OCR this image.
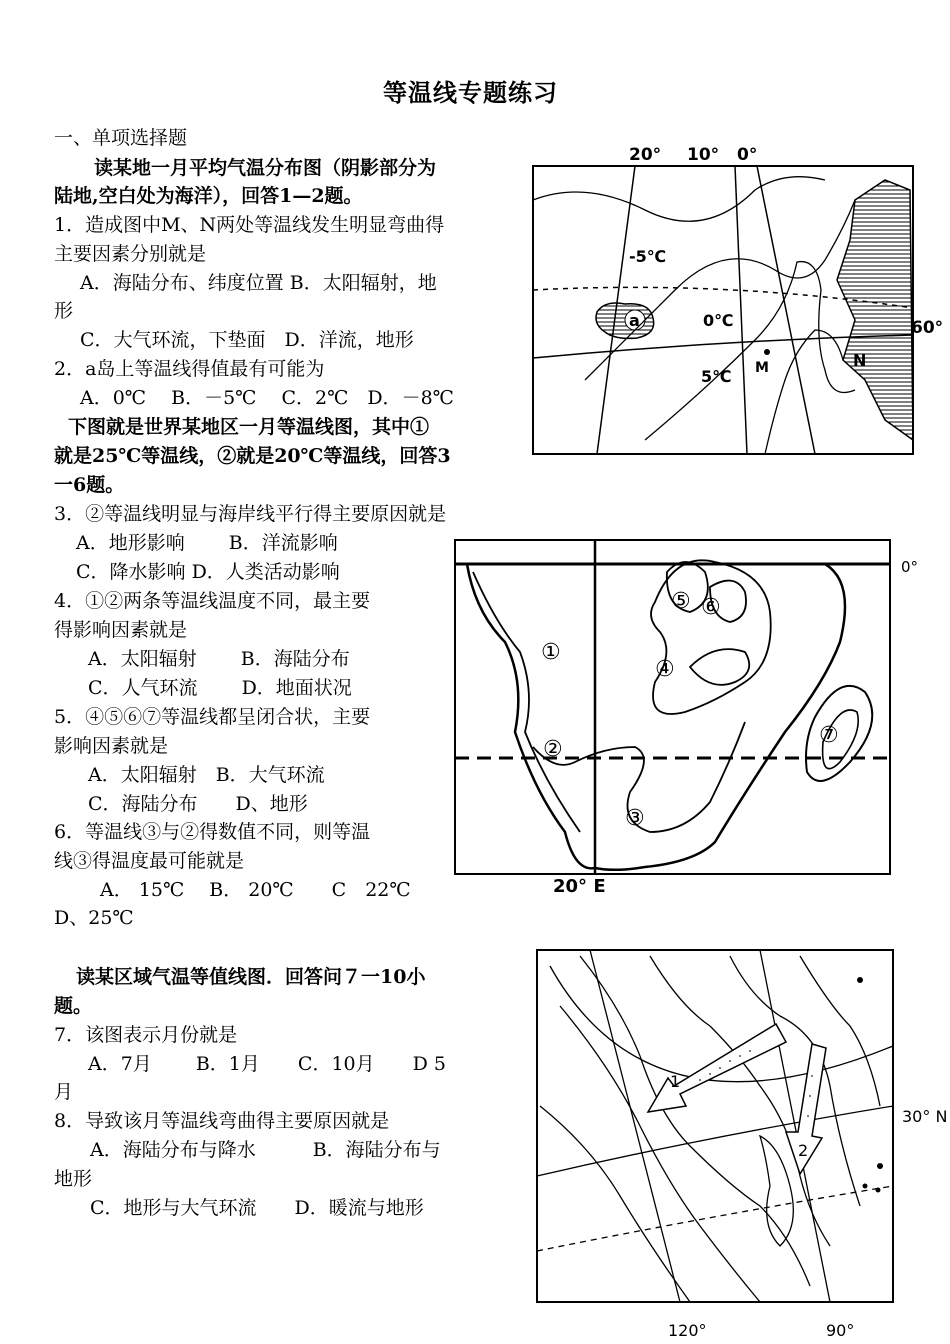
等温线专题练习
一、单项选择题
读某地一月平均气温分布图（阴影部分为
陆地,空白处为海洋），回答1—2题。
1．造成图中M、N两处等温线发生明显弯曲得
主要因素分别就是
A．海陆分布、纬度位置 B．太阳辐射，地
形
C．大气环流，下垫面　D．洋流，地形
2．a岛上等温线得值最有可能为
A．0℃　 B．－5℃　 C．2℃　D．－8℃
下图就是世界某地区一月等温线图，其中①
就是25℃等温线，②就是20℃等温线，回答3
一6题。
3．②等温线明显与海岸线平行得主要原因就是
A．地形影响　　 B．洋流影响
C．降水影响 D．人类活动影响
4．①②两条等温线温度不同，最主要
得影响因素就是
A．太阳辐射　　 B．海陆分布
C．人气环流　　 D．地面状况
5．④⑤⑥⑦等温线都呈闭合状，主要
影响因素就是
A．太阳辐射　B．大气环流
C．海陆分布　　D、地形
6．等温线③与②得数值不同，则等温
线③得温度最可能就是
A． 15℃　 B． 20℃　　C　22℃
D、25℃
读某区域气温等值线图．回答问７一10小
题。
7．该图表示月份就是
A．7月　　 B．1月　　C．10月　　D 5
月
8．导致该月等温线弯曲得主要原因就是
A．海陆分布与降水　　　B．海陆分布与
地形
C．地形与大气环流　　D．暖流与地形
a
20° 10° 0°
60°
-5℃
0℃
5℃ M	N
①
②
③
④
⑤ ⑥
⑦
0°
20° E
1
2
30° N
120°	90°
